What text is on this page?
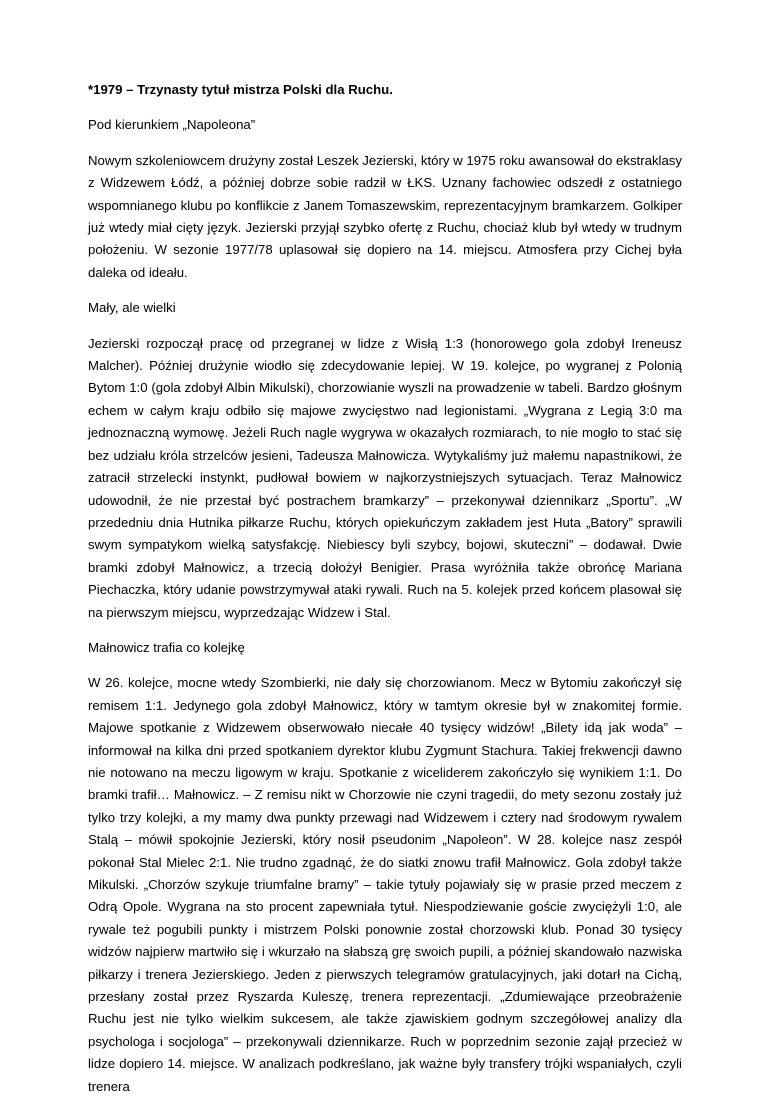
*1979 – Trzynasty tytuł mistrza Polski dla Ruchu.

Pod kierunkiem „Napoleona”

Nowym szkoleniowcem drużyny został Leszek Jezierski, który w 1975 roku awansował do ekstraklasy z Widzewem Łódź, a później dobrze sobie radził w ŁKS. Uznany fachowiec odszedł z ostatniego wspomnianego klubu po konflikcie z Janem Tomaszewskim, reprezentacyjnym bramkarzem. Golkiper już wtedy miał cięty język. Jezierski przyjął szybko ofertę z Ruchu, chociaż klub był wtedy w trudnym położeniu. W sezonie 1977/78 uplasował się dopiero na 14. miejscu. Atmosfera przy Cichej była daleka od ideału.

Mały, ale wielki

Jezierski rozpoczął pracę od przegranej w lidze z Wisłą 1:3 (honorowego gola zdobył Ireneusz Malcher). Później drużynie wiodło się zdecydowanie lepiej. W 19. kolejce, po wygranej z Polonią Bytom 1:0 (gola zdobył Albin Mikulski), chorzowianie wyszli na prowadzenie w tabeli. Bardzo głośnym echem w całym kraju odbiło się majowe zwycięstwo nad legionistami. „Wygrana z Legią 3:0 ma jednoznaczną wymowę. Jeżeli Ruch nagle wygrywa w okazałych rozmiarach, to nie mogło to stać się bez udziału króla strzelców jesieni, Tadeusza Małnowicza. Wytykaliśmy już małemu napastnikowi, że zatracił strzelecki instynkt, pudłował bowiem w najkorzystniejszych sytuacjach. Teraz Małnowicz udowodnił, że nie przestał być postrachem bramkarzy” – przekonywał dziennikarz „Sportu”. „W przededniu dnia Hutnika piłkarze Ruchu, których opiekuńczym zakładem jest Huta „Batory” sprawili swym sympatykom wielką satysfakcję. Niebiescy byli szybcy, bojowi, skuteczni” – dodawał. Dwie bramki zdobył Małnowicz, a trzecią dołożył Benigier. Prasa wyróżniła także obrońcę Mariana Piechaczka, który udanie powstrzymywał ataki rywali. Ruch na 5. kolejek przed końcem plasował się na pierwszym miejscu, wyprzedzając Widzew i Stal.

Małnowicz trafia co kolejkę

W 26. kolejce, mocne wtedy Szombierki, nie dały się chorzowianom. Mecz w Bytomiu zakończył się remisem 1:1. Jedynego gola zdobył Małnowicz, który w tamtym okresie był w znakomitej formie. Majowe spotkanie z Widzewem obserwowało niecałe 40 tysięcy widzów! „Bilety idą jak woda” – informował na kilka dni przed spotkaniem dyrektor klubu Zygmunt Stachura. Takiej frekwencji dawno nie notowano na meczu ligowym w kraju. Spotkanie z wiceliderem zakończyło się wynikiem 1:1. Do bramki trafił… Małnowicz. – Z remisu nikt w Chorzowie nie czyni tragedii, do mety sezonu zostały już tylko trzy kolejki, a my mamy dwa punkty przewagi nad Widzewem i cztery nad środowym rywalem Stalą – mówił spokojnie Jezierski, który nosił pseudonim „Napoleon”. W 28. kolejce nasz zespół pokonał Stal Mielec 2:1. Nie trudno zgadnąć, że do siatki znowu trafił Małnowicz. Gola zdobył także Mikulski. „Chorzów szykuje triumfalne bramy” – takie tytuły pojawiały się w prasie przed meczem z Odrą Opole. Wygrana na sto procent zapewniała tytuł. Niespodziewanie goście zwyciężyli 1:0, ale rywale też pogubili punkty i mistrzem Polski ponownie został chorzowski klub. Ponad 30 tysięcy widzów najpierw martwiło się i wkurzało na słabszą grę swoich pupili, a później skandowało nazwiska piłkarzy i trenera Jezierskiego. Jeden z pierwszych telegramów gratulacyjnych, jaki dotarł na Cichą, przesłany został przez Ryszarda Kuleszę, trenera reprezentacji. „Zdumiewające przeobrażenie Ruchu jest nie tylko wielkim sukcesem, ale także zjawiskiem godnym szczegółowej analizy dla psychologa i socjologa” – przekonywali dziennikarze. Ruch w poprzednim sezonie zajął przecież w lidze dopiero 14. miejsce. W analizach podkreślano, jak ważne były transfery trójki wspaniałych, czyli trenera
